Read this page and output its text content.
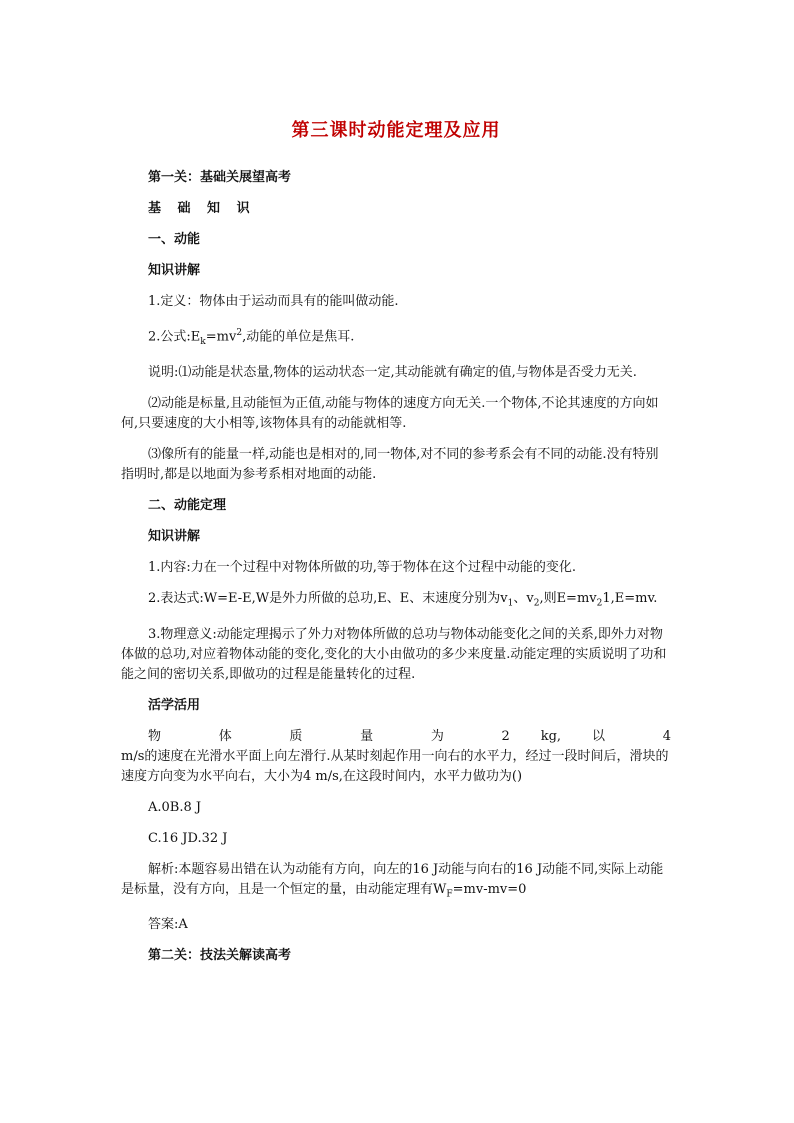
第三课时动能定理及应用
第一关：基础关展望高考
基 础 知 识
一、动能
知识讲解
1.定义：物体由于运动而具有的能叫做动能.
2.公式$:E_k=mv^2$,动能的单位是焦耳.
说明:⑴动能是状态量,物体的运动状态一定,其动能就有确定的值,与物体是否受力无关.
⑵动能是标量,且动能恒为正值,动能与物体的速度方向无关.一个物体,不论其速度的方向如何,只要速度的大小相等,该物体具有的动能就相等.
⑶像所有的能量一样,动能也是相对的,同一物体,对不同的参考系会有不同的动能.没有特别指明时,都是以地面为参考系相对地面的动能.
二、动能定理
知识讲解
1.内容:力在一个过程中对物体所做的功,等于物体在这个过程中动能的变化.
2.表达式:W=E-E,W是外力所做的总功,E、E、末速度分别为$v_1$、$v_2$,则$E=mv_21,E=mv$.
3.物理意义:动能定理揭示了外力对物体所做的总功与物体动能变化之间的关系,即外力对物体做的总功,对应着物体动能的变化,变化的大小由做功的多少来度量.动能定理的实质说明了功和能之间的密切关系,即做功的过程是能量转化的过程.
活学活用
物 体 质 量 为 2 kg, 以 4
m/s的速度在光滑水平面上向左滑行.从某时刻起作用一向右的水平力，经过一段时间后，滑块的速度方向变为水平向右，大小为4 m/s,在这段时间内，水平力做功为()
A.0B.8 J
C.16 JD.32 J
解析:本题容易出错在认为动能有方向，向左的16 J动能与向右的16 J动能不同,实际上动能是标量，没有方向，且是一个恒定的量，由动能定理有$W_F=mv-mv=0$
答案:A
第二关：技法关解读高考
